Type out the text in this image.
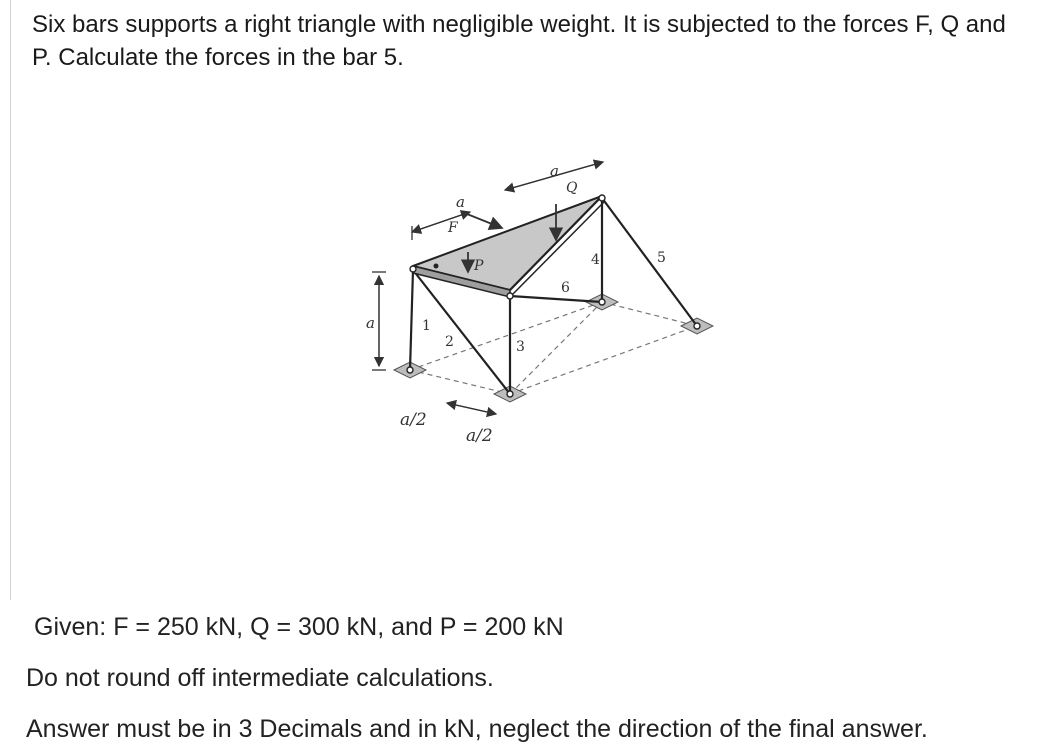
Six bars supports a right triangle with negligible weight. It is subjected to the forces F, Q and P. Calculate the forces in the bar 5.
a
a
a
a/2
a/2
F
P
Q
1
2	3
4	5
6
Given: F = 250 kN, Q = 300 kN, and P = 200 kN
Do not round off intermediate calculations.
Answer must be in 3 Decimals and in kN, neglect the direction of the final answer.
